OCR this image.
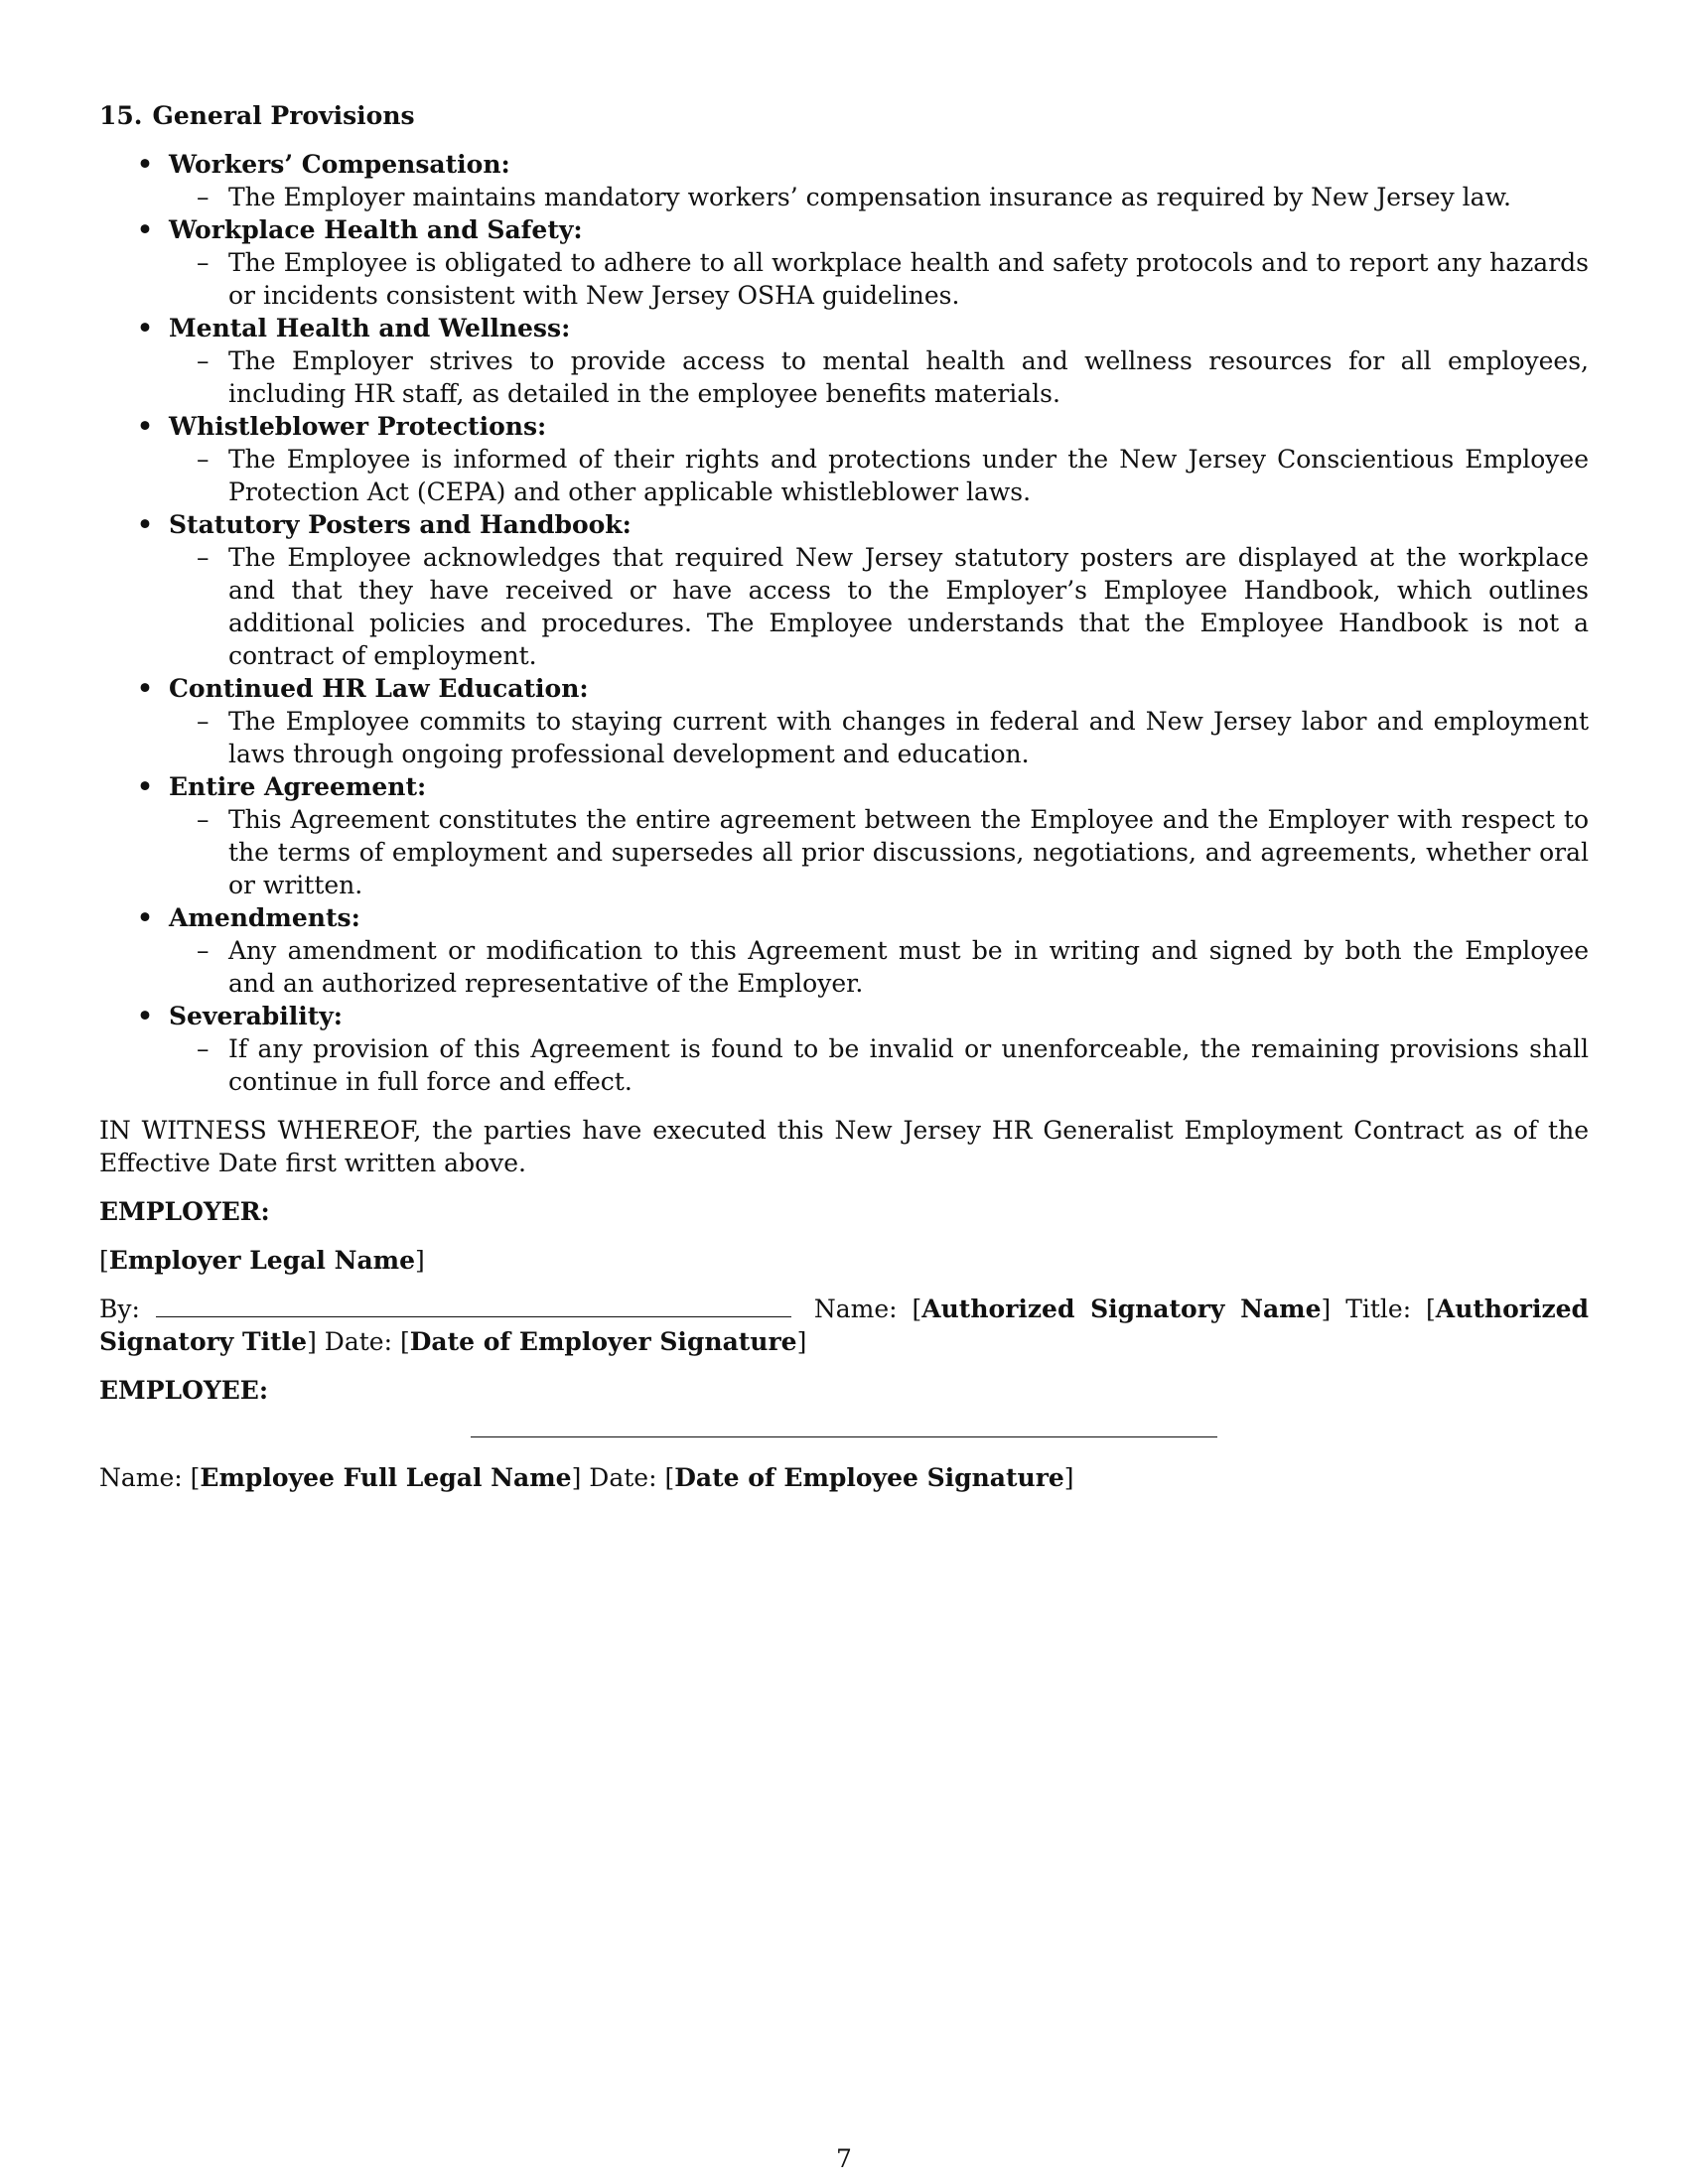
15. General Provisions
• Workers’ Compensation:
– The Employer maintains mandatory workers’ compensation insurance as required by New Jersey law.
• Workplace Health and Safety:
– The Employee is obligated to adhere to all workplace health and safety protocols and to report any hazards or incidents consistent with New Jersey OSHA guidelines.
• Mental Health and Wellness:
– The Employer strives to provide access to mental health and wellness resources for all employees, including HR staff, as detailed in the employee benefits materials.
• Whistleblower Protections:
– The Employee is informed of their rights and protections under the New Jersey Conscientious Employee Protection Act (CEPA) and other applicable whistleblower laws.
• Statutory Posters and Handbook:
– The Employee acknowledges that required New Jersey statutory posters are displayed at the workplace and that they have received or have access to the Employer’s Employee Handbook, which outlines additional policies and procedures. The Employee understands that the Employee Handbook is not a contract of employment.
• Continued HR Law Education:
– The Employee commits to staying current with changes in federal and New Jersey labor and employment laws through ongoing professional development and education.
• Entire Agreement:
– This Agreement constitutes the entire agreement between the Employee and the Employer with respect to the terms of employment and supersedes all prior discussions, negotiations, and agreements, whether oral or written.
• Amendments:
– Any amendment or modification to this Agreement must be in writing and signed by both the Employee and an authorized representative of the Employer.
• Severability:
– If any provision of this Agreement is found to be invalid or unenforceable, the remaining provisions shall continue in full force and effect.

IN WITNESS WHEREOF, the parties have executed this New Jersey HR Generalist Employment Contract as of the Effective Date first written above.

EMPLOYER:
[Employer Legal Name]
By:	Name: [Authorized Signatory Name] Title: [Authorized Signatory Title] Date: [Date of Employer Signature]
EMPLOYEE:
Name: [Employee Full Legal Name] Date: [Date of Employee Signature]
7
